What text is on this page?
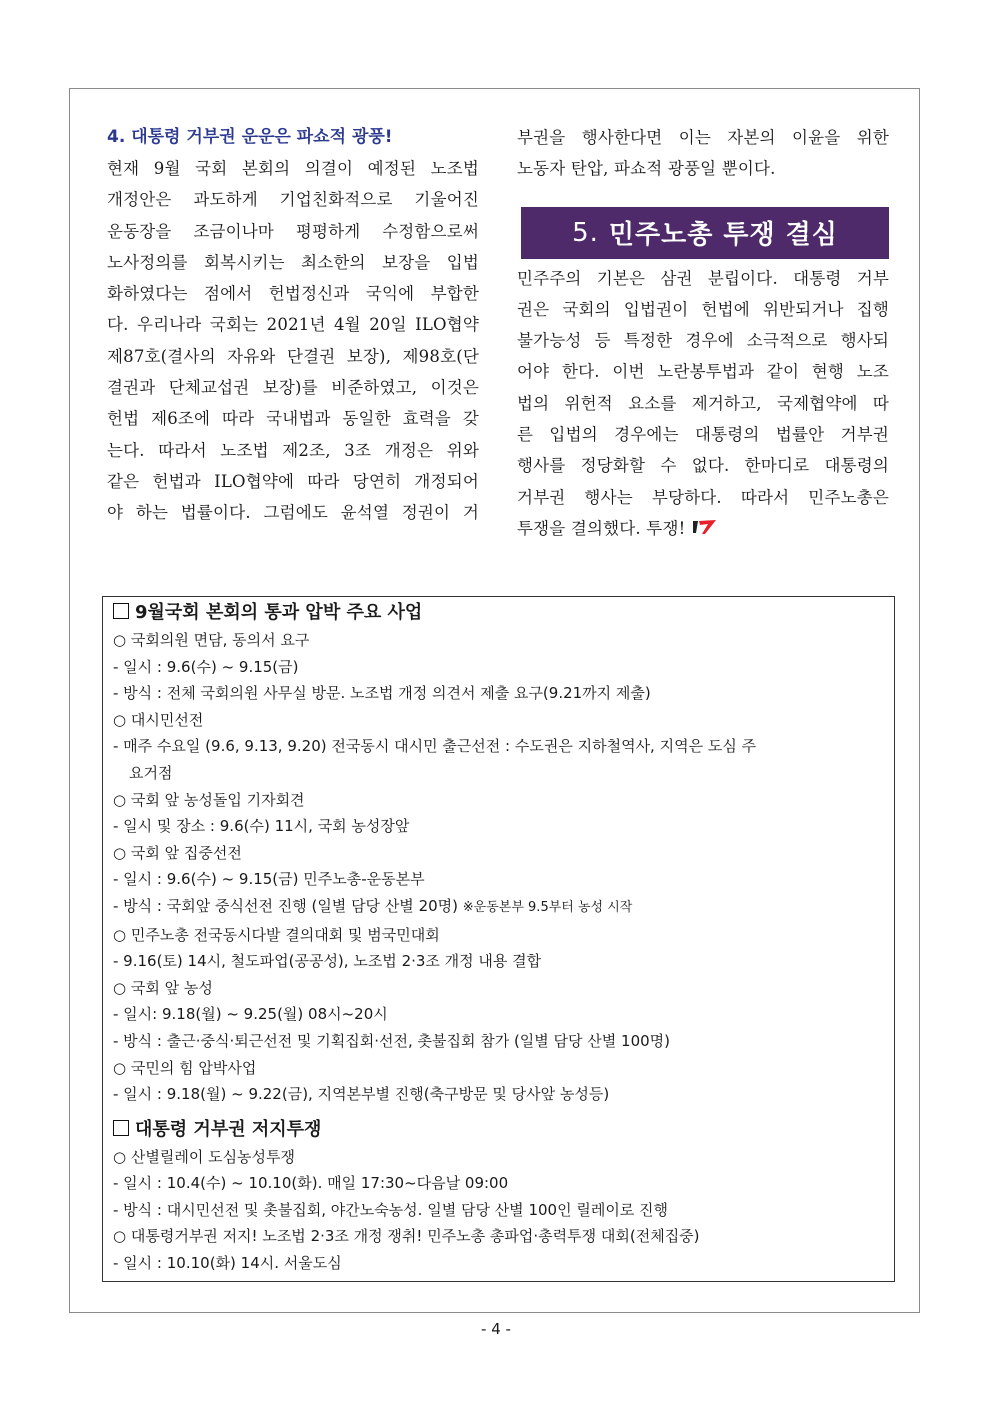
4. 대통령 거부권 운운은 파쇼적 광풍!
현재 9월 국회 본회의 의결이 예정된 노조법
개정안은 과도하게 기업친화적으로 기울어진
운동장을 조금이나마 평평하게 수정함으로써
노사정의를 회복시키는 최소한의 보장을 입법
화하였다는 점에서 헌법정신과 국익에 부합한
다. 우리나라 국회는 2021년 4월 20일 ILO협약
제87호(결사의 자유와 단결권 보장), 제98호(단
결권과 단체교섭권 보장)를 비준하였고, 이것은
헌법 제6조에 따라 국내법과 동일한 효력을 갖
는다. 따라서 노조법 제2조, 3조 개정은 위와
같은 헌법과 ILO협약에 따라 당연히 개정되어
야 하는 법률이다. 그럼에도 윤석열 정권이 거
부권을 행사한다면 이는 자본의 이윤을 위한
노동자 탄압, 파쇼적 광풍일 뿐이다.
5. 민주노총 투쟁 결심
민주주의 기본은 삼권 분립이다. 대통령 거부
권은 국회의 입법권이 헌법에 위반되거나 집행
불가능성 등 특정한 경우에 소극적으로 행사되
어야 한다. 이번 노란봉투법과 같이 현행 노조
법의 위헌적 요소를 제거하고, 국제협약에 따
른 입법의 경우에는 대통령의 법률안 거부권
행사를 정당화할 수 없다. 한마디로 대통령의
거부권 행사는 부당하다. 따라서 민주노총은
투쟁을 결의했다. 투쟁!

9월국회 본회의 통과 압박 주요 사업

○ 국회의원 면담, 동의서 요구

- 일시 : 9.6(수) ~ 9.15(금)

- 방식 : 전체 국회의원 사무실 방문. 노조법 개정 의견서 제출 요구(9.21까지 제출)

○ 대시민선전

- 매주 수요일 (9.6, 9.13, 9.20) 전국동시 대시민 출근선전 : 수도권은 지하철역사, 지역은 도심 주

요거점

○ 국회 앞 농성돌입 기자회견

- 일시 및 장소 : 9.6(수) 11시, 국회 농성장앞

○ 국회 앞 집중선전

- 일시 : 9.6(수) ~ 9.15(금) 민주노총-운동본부

- 방식 : 국회앞 중식선전 진행 (일별 담당 산별 20명) ※운동본부 9.5부터 농성 시작

○ 민주노총 전국동시다발 결의대회 및 범국민대회

- 9.16(토) 14시, 철도파업(공공성), 노조법 2·3조 개정 내용 결합

○ 국회 앞 농성

- 일시: 9.18(월) ~ 9.25(월) 08시~20시

- 방식 : 출근·중식·퇴근선전 및 기획집회·선전, 촛불집회 참가 (일별 담당 산별 100명)

○ 국민의 힘 압박사업

- 일시 : 9.18(월) ~ 9.22(금), 지역본부별 진행(축구방문 및 당사앞 농성등)

대통령 거부권 저지투쟁

○ 산별릴레이 도심농성투쟁

- 일시 : 10.4(수) ~ 10.10(화). 매일 17:30~다음날 09:00

- 방식 : 대시민선전 및 촛불집회, 야간노숙농성. 일별 담당 산별 100인 릴레이로 진행

○ 대통령거부권 저지! 노조법 2·3조 개정 쟁취! 민주노총 총파업·총력투쟁 대회(전체집중)

- 일시 : 10.10(화) 14시. 서울도심

- 4 -
